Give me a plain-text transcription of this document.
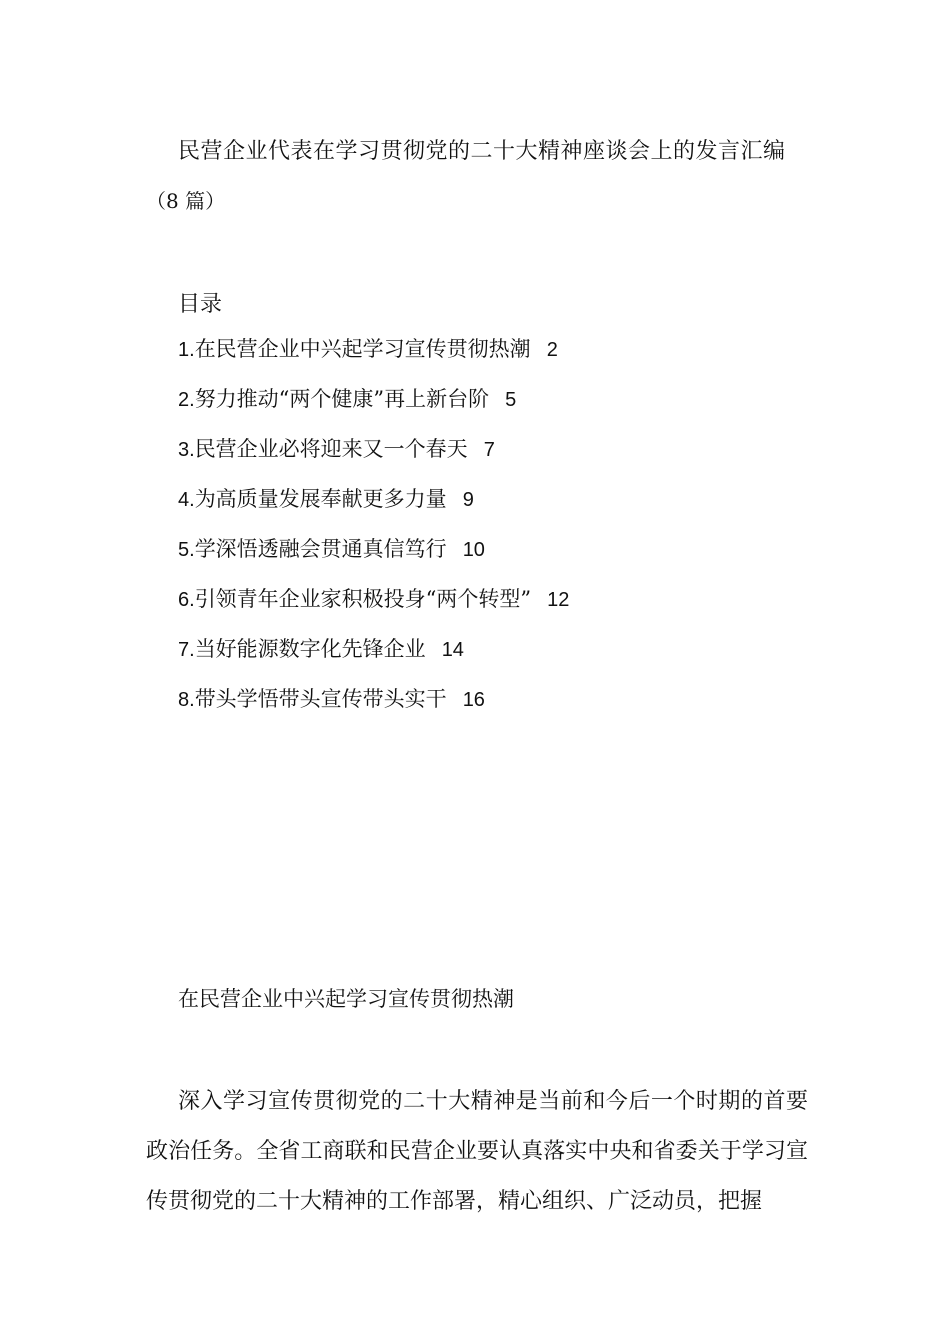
民营企业代表在学习贯彻党的二十大精神座谈会上的发言汇编
（8 篇）
目录
1.在民营企业中兴起学习宣传贯彻热潮 2
2.努力推动“两个健康”再上新台阶 5
3.民营企业必将迎来又一个春天 7
4.为高质量发展奉献更多力量 9
5.学深悟透融会贯通真信笃行 10
6.引领青年企业家积极投身“两个转型” 12
7.当好能源数字化先锋企业 14
8.带头学悟带头宣传带头实干 16
在民营企业中兴起学习宣传贯彻热潮

深入学习宣传贯彻党的二十大精神是当前和今后一个时期的首要政治任务。全省工商联和民营企业要认真落实中央和省委关于学习宣传贯彻党的二十大精神的工作部署，精心组织、广泛动员，把握
